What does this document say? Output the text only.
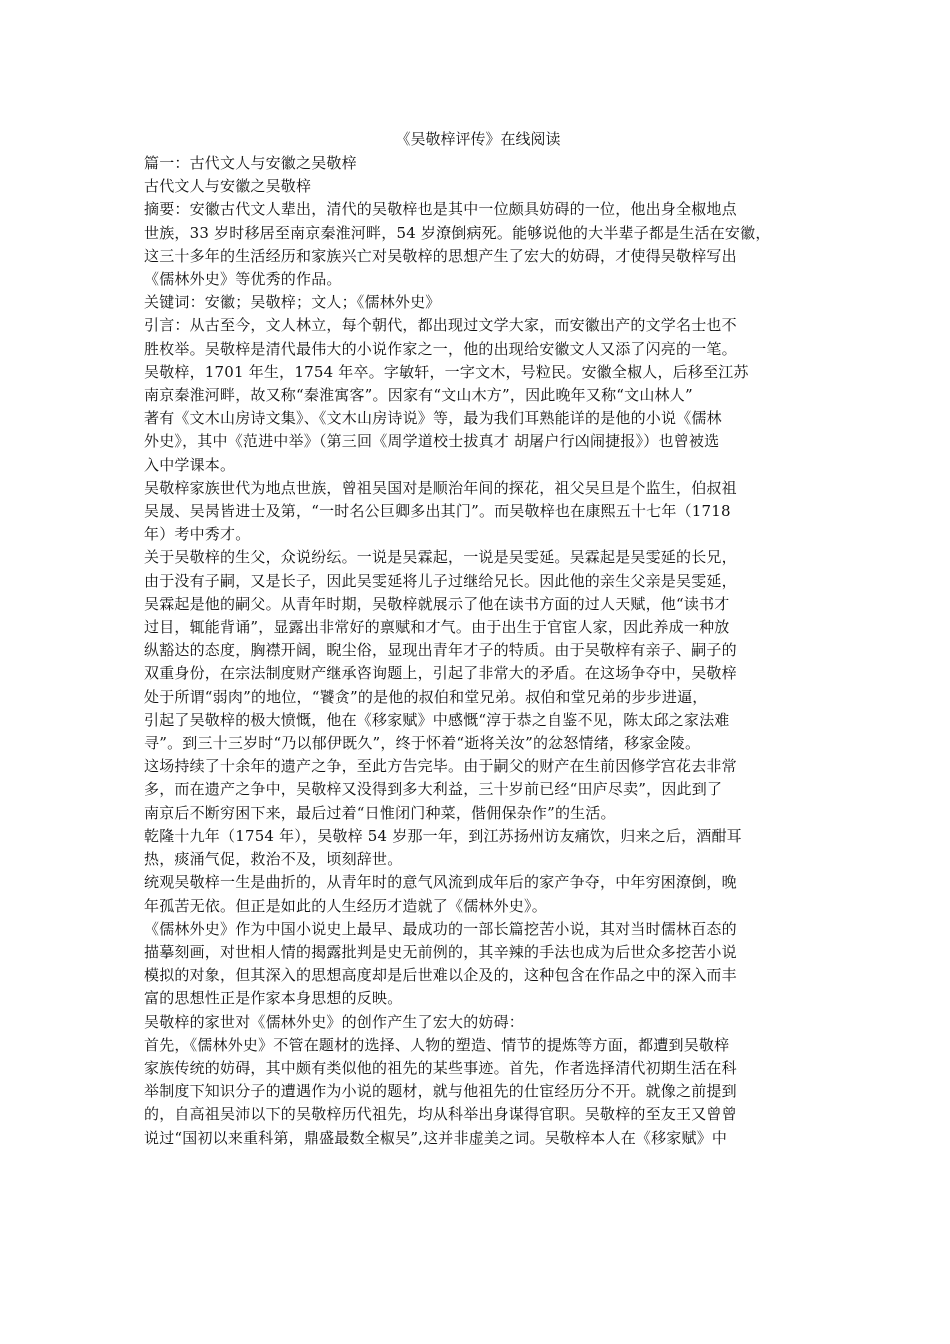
《吴敬梓评传》在线阅读
篇一：古代文人与安徽之吴敬梓
古代文人与安徽之吴敬梓
摘要：安徽古代文人辈出，清代的吴敬梓也是其中一位颇具妨碍的一位，他出身全椒地点
世族，33 岁时移居至南京秦淮河畔，54 岁潦倒病死。能够说他的大半辈子都是生活在安徽，
这三十多年的生活经历和家族兴亡对吴敬梓的思想产生了宏大的妨碍，才使得吴敬梓写出
《儒林外史》等优秀的作品。
关键词：安徽；吴敬梓；文人；《儒林外史》
引言：从古至今，文人林立，每个朝代，都出现过文学大家，而安徽出产的文学名士也不
胜枚举。吴敬梓是清代最伟大的小说作家之一，他的出现给安徽文人又添了闪亮的一笔。
吴敬梓，1701 年生，1754 年卒。字敏轩，一字文木，号粒民。安徽全椒人，后移至江苏
南京秦淮河畔，故又称“秦淮寓客”。因家有“文山木方”，因此晚年又称“文山林人”
著有《文木山房诗文集》、《文木山房诗说》等，最为我们耳熟能详的是他的小说《儒林
外史》，其中《范进中举》（第三回《周学道校士拔真才 胡屠户行凶闹捷报》）也曾被选
入中学课本。
吴敬梓家族世代为地点世族，曾祖吴国对是顺治年间的探花，祖父吴旦是个监生，伯叔祖
吴晟、吴昺皆进士及第，“一时名公巨卿多出其门”。而吴敬梓也在康熙五十七年（1718
年）考中秀才。
关于吴敬梓的生父，众说纷纭。一说是吴霖起，一说是吴雯延。吴霖起是吴雯延的长兄，
由于没有子嗣，又是长子，因此吴雯延将儿子过继给兄长。因此他的亲生父亲是吴雯延，
吴霖起是他的嗣父。从青年时期，吴敬梓就展示了他在读书方面的过人天赋，他“读书才
过目，辄能背诵”，显露出非常好的禀赋和才气。由于出生于官宦人家，因此养成一种放
纵豁达的态度，胸襟开阔，睨尘俗，显现出青年才子的特质。由于吴敬梓有亲子、嗣子的
双重身份，在宗法制度财产继承咨询题上，引起了非常大的矛盾。在这场争夺中，吴敬梓
处于所谓“弱肉”的地位，“饕贪”的是他的叔伯和堂兄弟。叔伯和堂兄弟的步步进逼，
引起了吴敬梓的极大愤慨，他在《移家赋》中感慨“淳于恭之自鉴不见，陈太邱之家法难
寻”。到三十三岁时“乃以郁伊既久”，终于怀着“逝将关汝”的忿怒情绪，移家金陵。
这场持续了十余年的遗产之争，至此方告完毕。由于嗣父的财产在生前因修学宫花去非常
多，而在遗产之争中，吴敬梓又没得到多大利益，三十岁前已经“田庐尽卖”，因此到了
南京后不断穷困下来，最后过着“日惟闭门种菜，偕佣保杂作”的生活。
乾隆十九年（1754 年），吴敬梓 54 岁那一年，到江苏扬州访友痛饮，归来之后，酒酣耳
热，痰涌气促，救治不及，顷刻辞世。
统观吴敬梓一生是曲折的，从青年时的意气风流到成年后的家产争夺，中年穷困潦倒，晚
年孤苦无依。但正是如此的人生经历才造就了《儒林外史》。
《儒林外史》作为中国小说史上最早、最成功的一部长篇挖苦小说，其对当时儒林百态的
描摹刻画，对世相人情的揭露批判是史无前例的，其辛辣的手法也成为后世众多挖苦小说
模拟的对象，但其深入的思想高度却是后世难以企及的，这种包含在作品之中的深入而丰
富的思想性正是作家本身思想的反映。
吴敬梓的家世对《儒林外史》的创作产生了宏大的妨碍：
首先，《儒林外史》不管在题材的选择、人物的塑造、情节的提炼等方面，都遭到吴敬梓
家族传统的妨碍，其中颇有类似他的祖先的某些事迹。首先，作者选择清代初期生活在科
举制度下知识分子的遭遇作为小说的题材，就与他祖先的仕宦经历分不开。就像之前提到
的，自高祖吴沛以下的吴敬梓历代祖先，均从科举出身谋得官职。吴敬梓的至友王又曾曾
说过“国初以来重科第，鼎盛最数全椒吴”,这并非虚美之词。吴敬梓本人在《移家赋》中
